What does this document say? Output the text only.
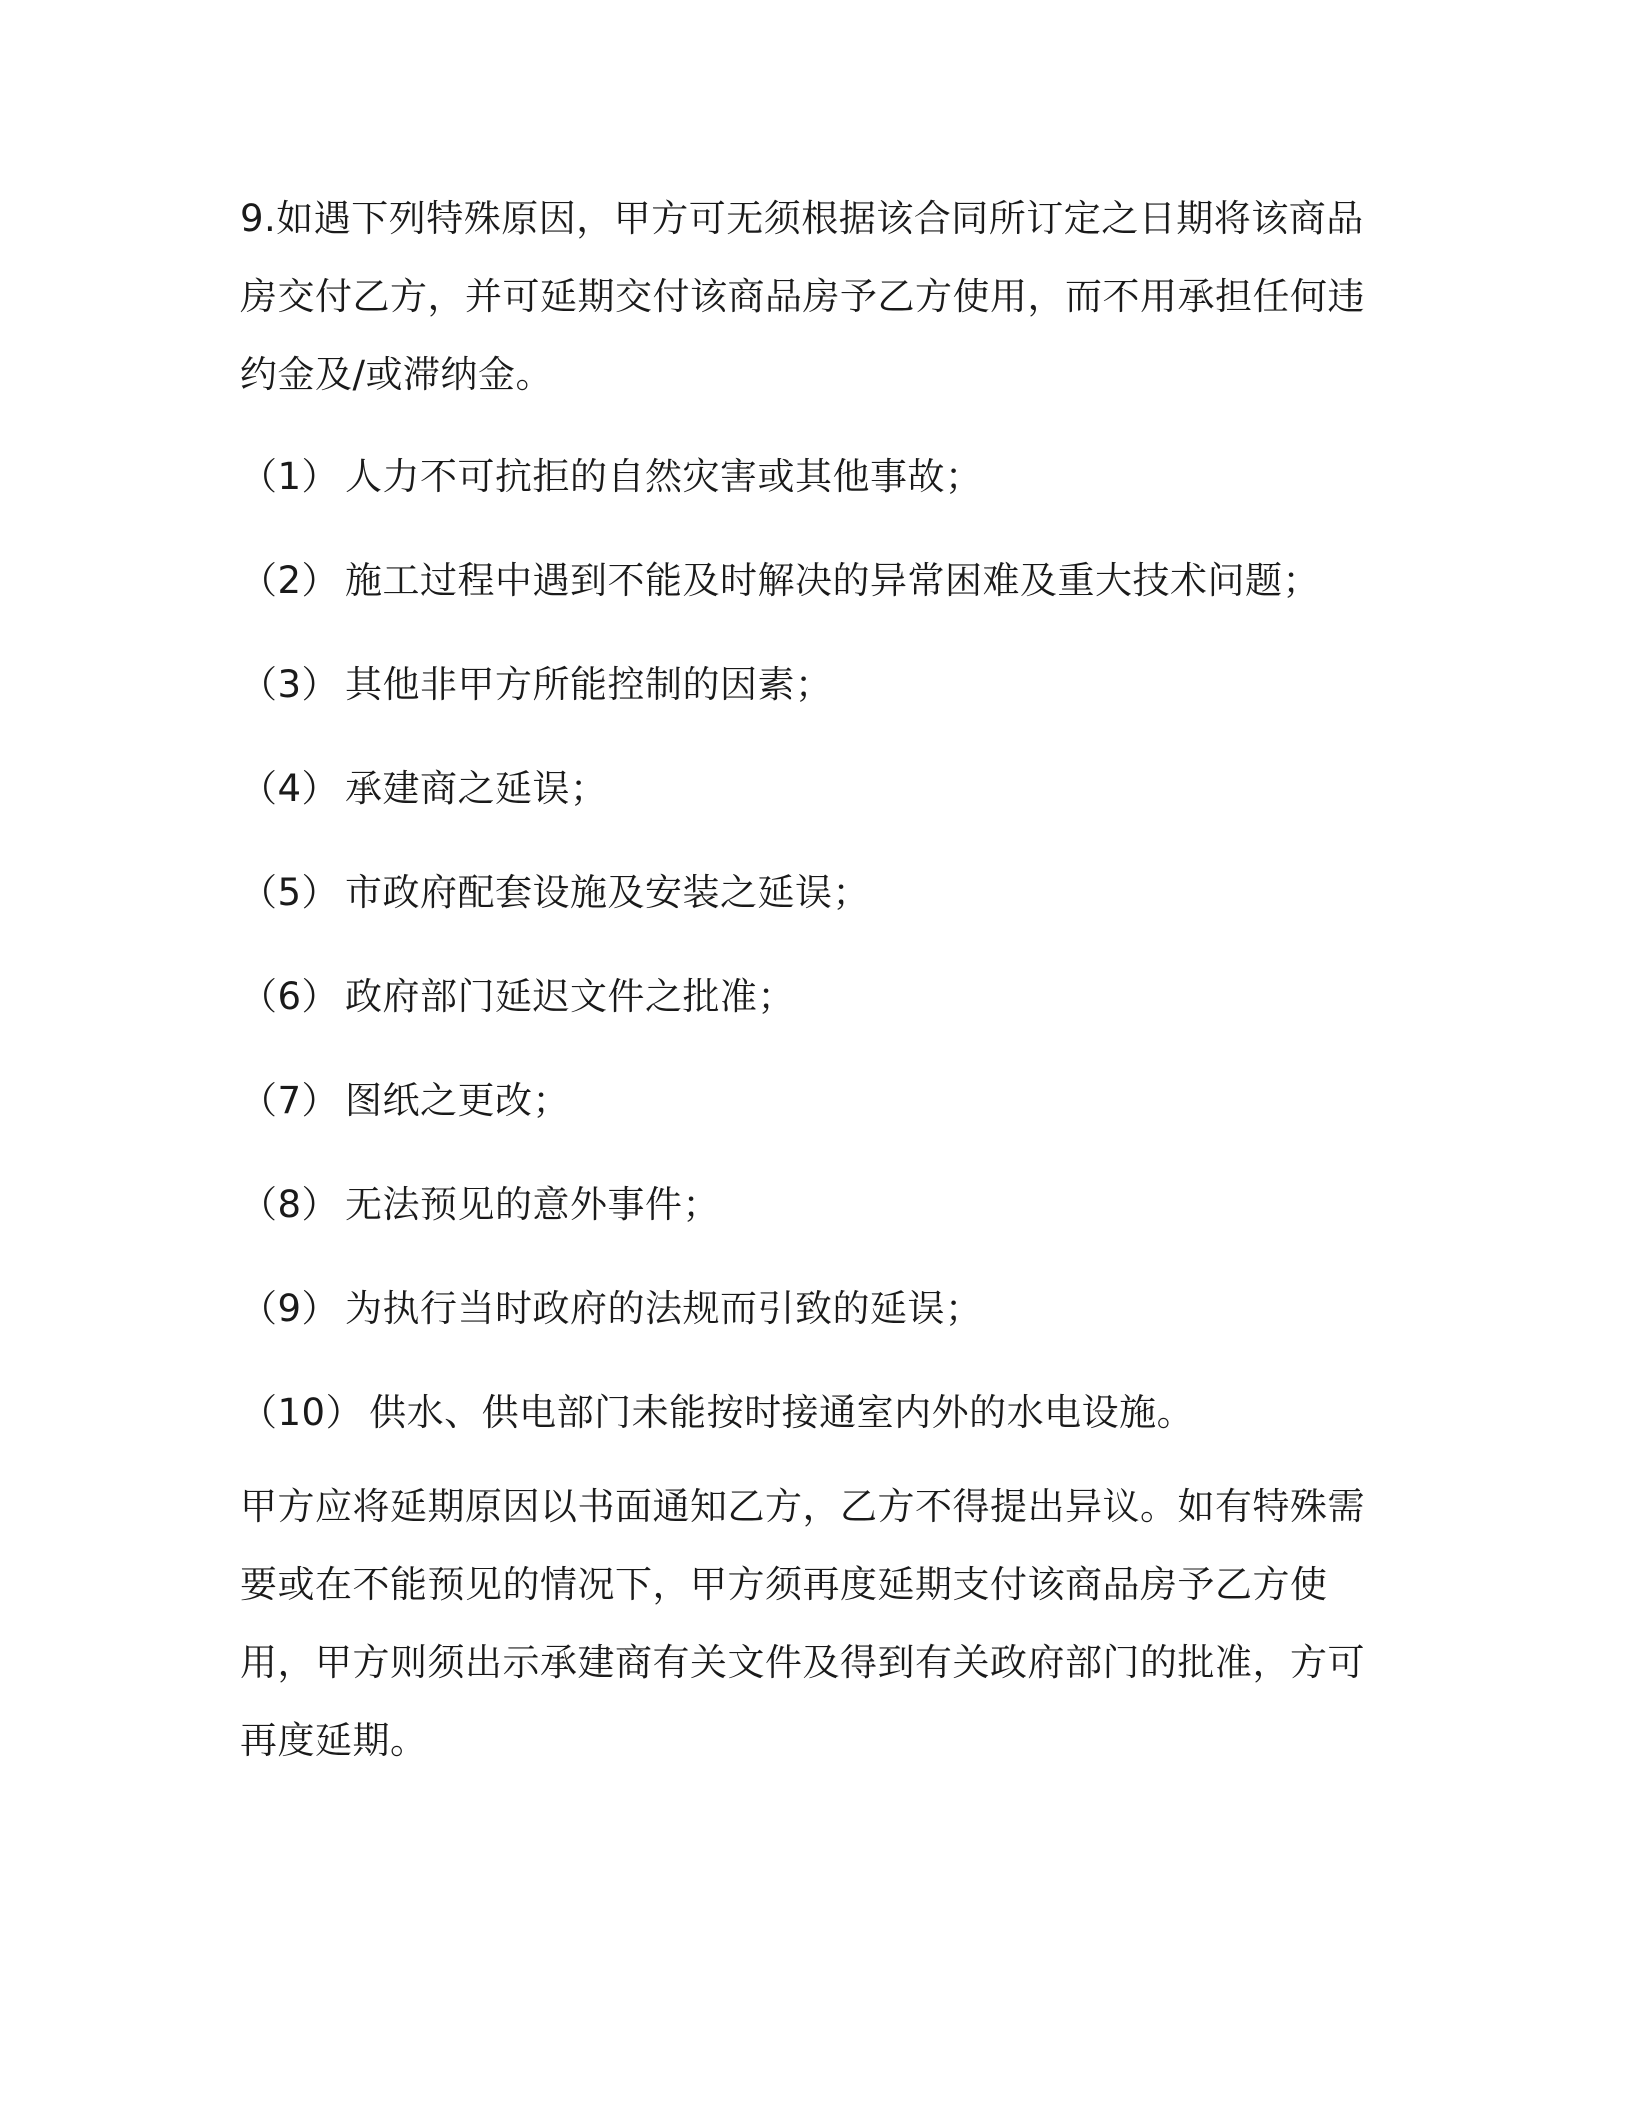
9.如遇下列特殊原因，甲方可无须根据该合同所订定之日期将该商品房交付乙方，并可延期交付该商品房予乙方使用，而不用承担任何违约金及/或滞纳金。

（1） 人力不可抗拒的自然灾害或其他事故；
（2） 施工过程中遇到不能及时解决的异常困难及重大技术问题；
（3） 其他非甲方所能控制的因素；
（4） 承建商之延误；
（5） 市政府配套设施及安装之延误；
（6） 政府部门延迟文件之批准；
（7） 图纸之更改；
（8） 无法预见的意外事件；
（9） 为执行当时政府的法规而引致的延误；
（10） 供水、供电部门未能按时接通室内外的水电设施。

甲方应将延期原因以书面通知乙方，乙方不得提出异议。如有特殊需要或在不能预见的情况下，甲方须再度延期支付该商品房予乙方使用，甲方则须出示承建商有关文件及得到有关政府部门的批准，方可再度延期。
